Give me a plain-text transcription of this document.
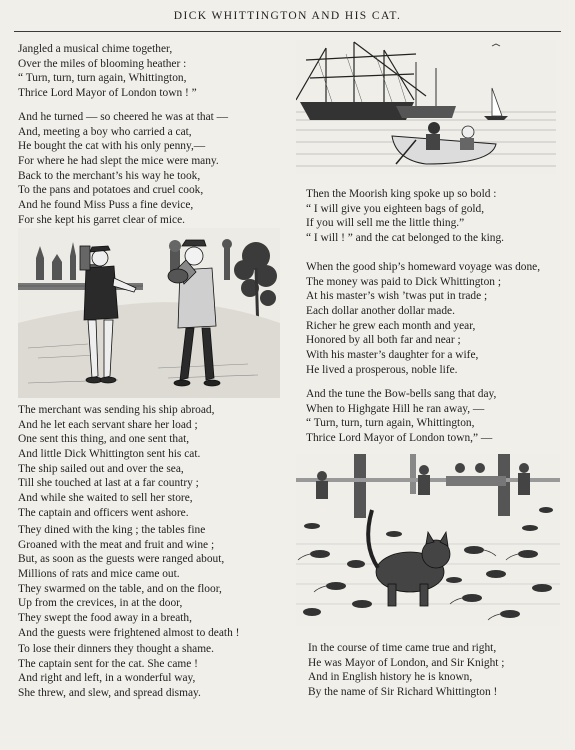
DICK WHITTINGTON AND HIS CAT.
Jangled a musical chime together,
Over the miles of blooming heather :
“ Turn, turn, turn again, Whittington,
Thrice Lord Mayor of London town ! ”
And he turned — so cheered he was at that —
And, meeting a boy who carried a cat,
He bought the cat with his only penny,—
For where he had slept the mice were many.
Back to the merchant’s his way he took,
To the pans and potatoes and cruel cook,
And he found Miss Puss a fine device,
For she kept his garret clear of mice.
The merchant was sending his ship abroad,
And he let each servant share her load ;
One sent this thing, and one sent that,
And little Dick Whittington sent his cat.
The ship sailed out and over the sea,
Till she touched at last at a far country ;
And while she waited to sell her store,
The captain and officers went ashore.
They dined with the king ; the tables fine
Groaned with the meat and fruit and wine ;
But, as soon as the guests were ranged about,
Millions of rats and mice came out.
They swarmed on the table, and on the floor,
Up from the crevices, in at the door,
They swept the food away in a breath,
And the guests were frightened almost to death !
To lose their dinners they thought a shame.
The captain sent for the cat. She came !
And right and left, in a wonderful way,
She threw, and slew, and spread dismay.
Then the Moorish king spoke up so bold :
“ I will give you eighteen bags of gold,
If you will sell me the little thing.”
“ I will ! ” and the cat belonged to the king.
When the good ship’s homeward voyage was done,
The money was paid to Dick Whittington ;
At his master’s wish ’twas put in trade ;
Each dollar another dollar made.
Richer he grew each month and year,
Honored by all both far and near ;
With his master’s daughter for a wife,
He lived a prosperous, noble life.
And the tune the Bow-bells sang that day,
When to Highgate Hill he ran away, —
“ Turn, turn, turn again, Whittington,
Thrice Lord Mayor of London town,” —
In the course of time came true and right,
He was Mayor of London, and Sir Knight ;
And in English history he is known,
By the name of Sir Richard Whittington !
